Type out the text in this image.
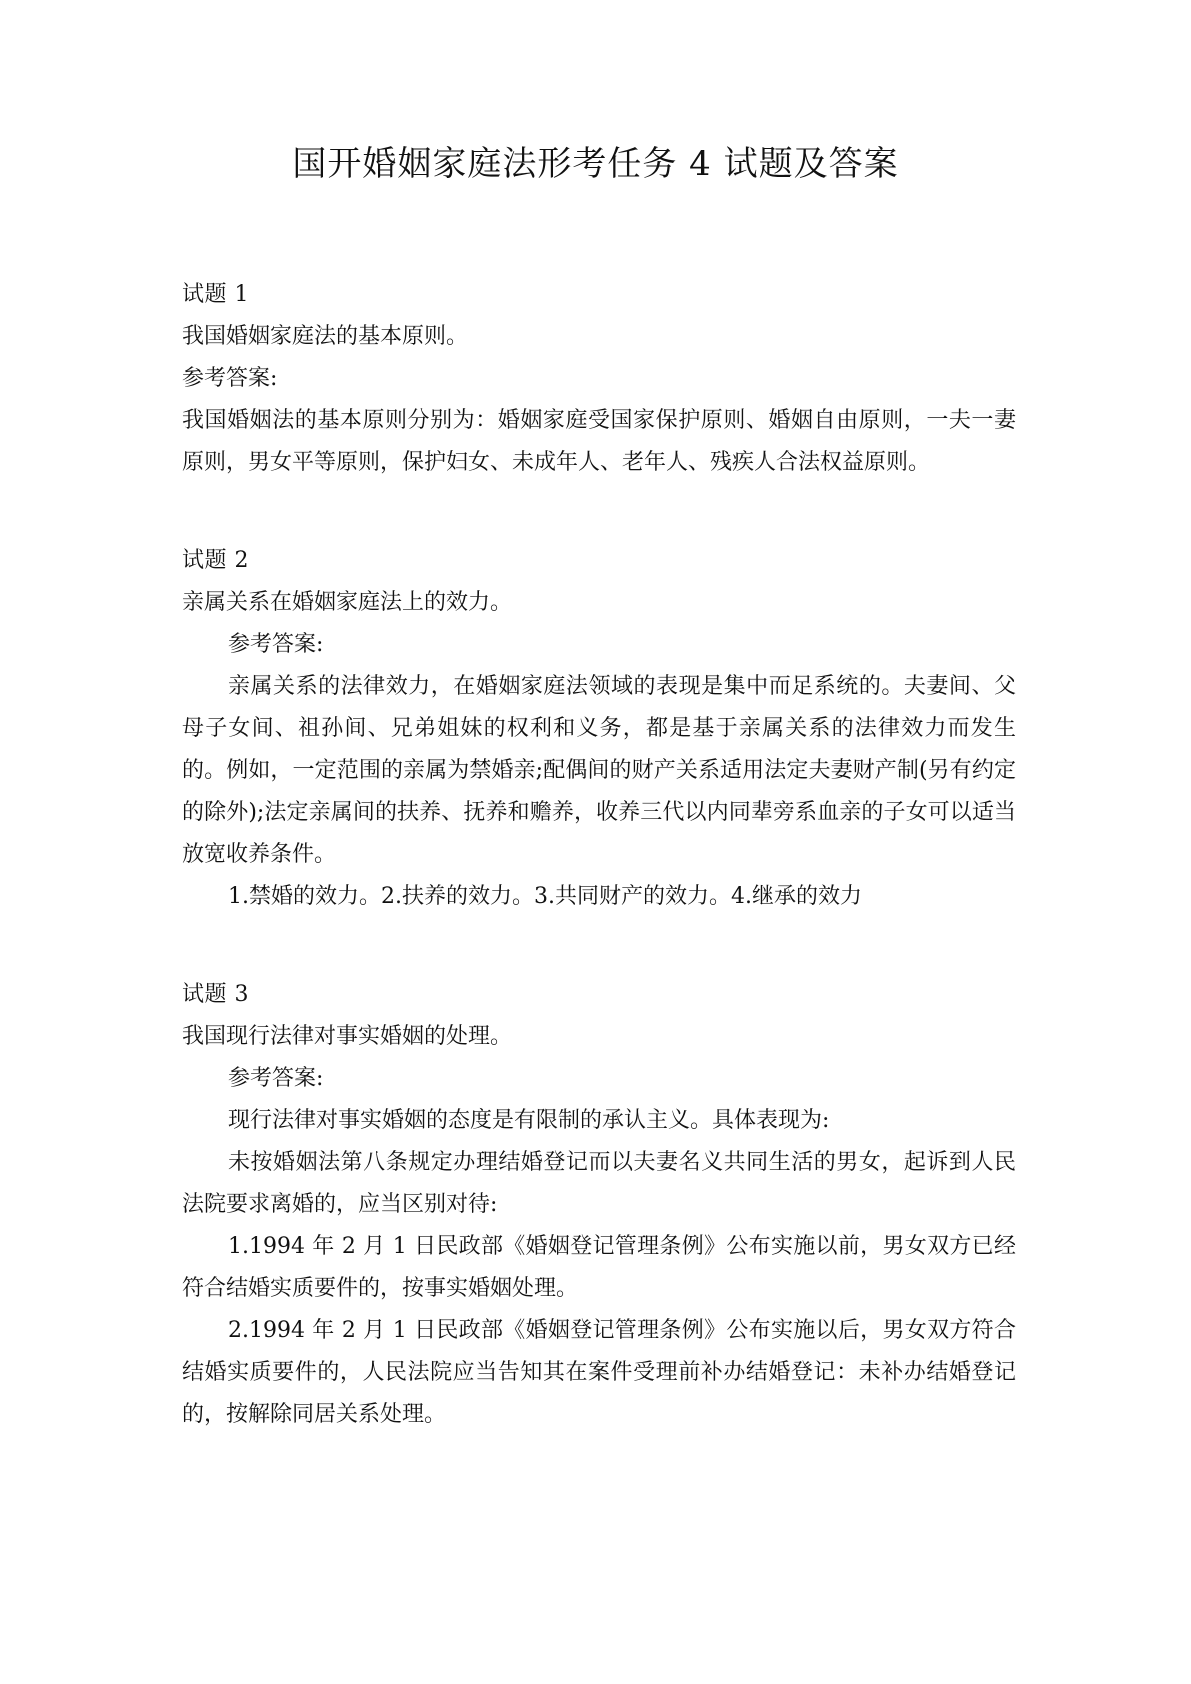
国开婚姻家庭法形考任务 4 试题及答案

试题 1

我国婚姻家庭法的基本原则。

参考答案:

我国婚姻法的基本原则分别为：婚姻家庭受国家保护原则、婚姻自由原则，一夫一妻原则，男女平等原则，保护妇女、未成年人、老年人、残疾人合法权益原则。

试题 2

亲属关系在婚姻家庭法上的效力。

参考答案:

亲属关系的法律效力，在婚姻家庭法领域的表现是集中而足系统的。夫妻间、父母子女间、祖孙间、兄弟姐妹的权利和义务，都是基于亲属关系的法律效力而发生的。例如，一定范围的亲属为禁婚亲;配偶间的财产关系适用法定夫妻财产制(另有约定的除外);法定亲属间的扶养、抚养和赡养，收养三代以内同辈旁系血亲的子女可以适当放宽收养条件。

1.禁婚的效力。2.扶养的效力。3.共同财产的效力。4.继承的效力

试题 3

我国现行法律对事实婚姻的处理。

参考答案:

现行法律对事实婚姻的态度是有限制的承认主义。具体表现为:

未按婚姻法第八条规定办理结婚登记而以夫妻名义共同生活的男女，起诉到人民法院要求离婚的，应当区别对待:

1.1994 年 2 月 1 日民政部《婚姻登记管理条例》公布实施以前，男女双方已经符合结婚实质要件的，按事实婚姻处理。

2.1994 年 2 月 1 日民政部《婚姻登记管理条例》公布实施以后，男女双方符合结婚实质要件的，人民法院应当告知其在案件受理前补办结婚登记：未补办结婚登记的，按解除同居关系处理。
